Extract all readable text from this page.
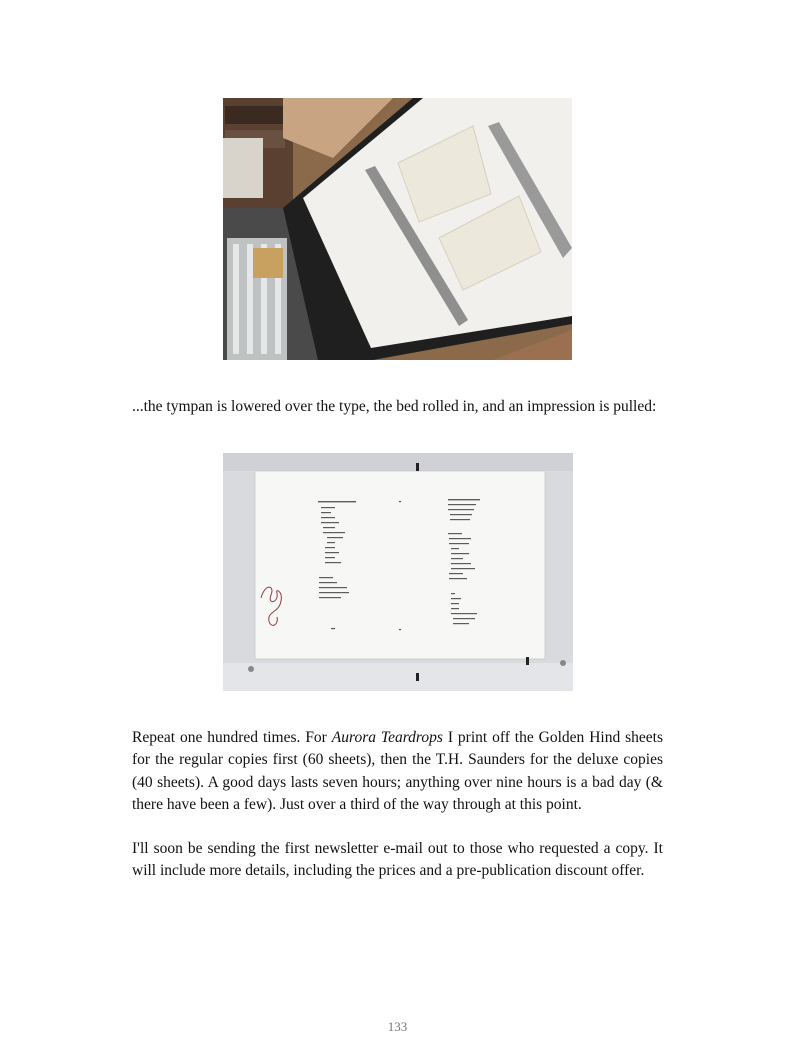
...the tympan is lowered over the type, the bed rolled in, and an impression is pulled:

Repeat one hundred times. For Aurora Teardrops I print off the Golden Hind sheets for the regular copies first (60 sheets), then the T.H. Saunders for the deluxe copies (40 sheets). A good days lasts seven hours; anything over nine hours is a bad day (& there have been a few). Just over a third of the way through at this point.

I'll soon be sending the first newsletter e-mail out to those who requested a copy. It will include more details, including the prices and a pre-publication discount offer.

133
